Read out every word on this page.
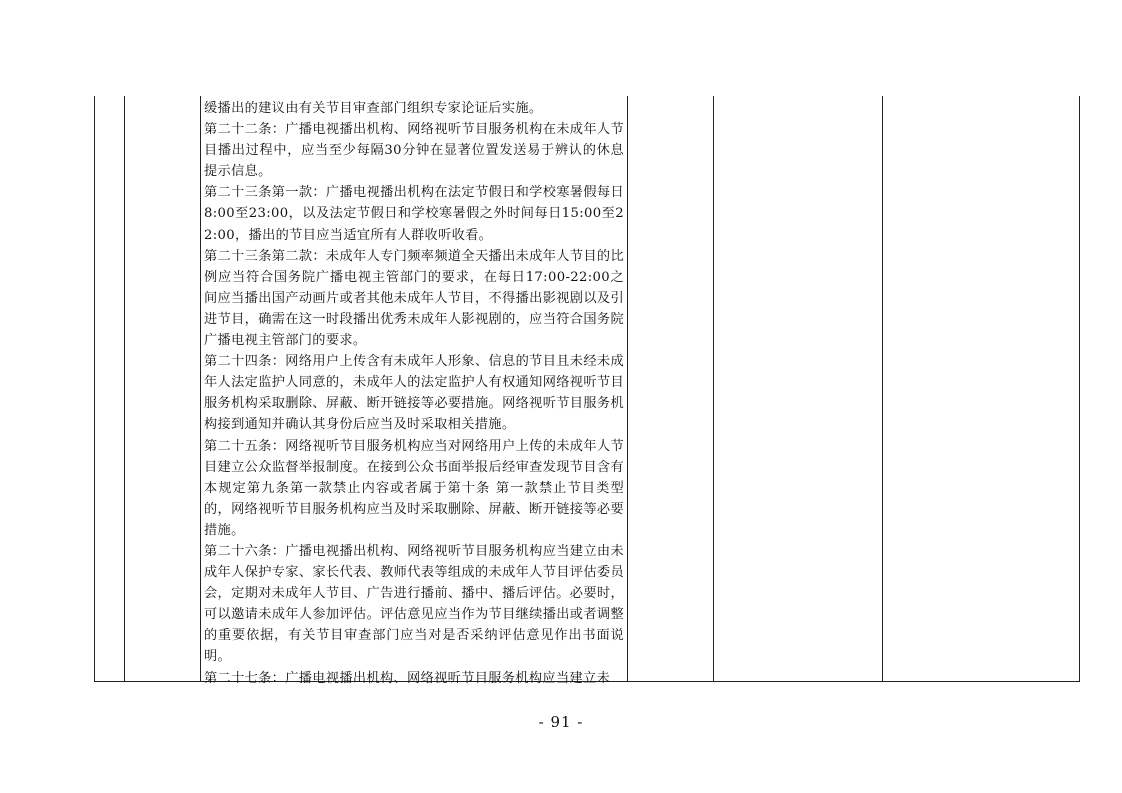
缓播出的建议由有关节目审查部门组织专家论证后实施。

第二十二条：广播电视播出机构、网络视听节目服务机构在未成年人节目播出过程中，应当至少每隔30分钟在显著位置发送易于辨认的休息提示信息。

第二十三条第一款：广播电视播出机构在法定节假日和学校寒暑假每日8:00至23:00，以及法定节假日和学校寒暑假之外时间每日15:00至22:00，播出的节目应当适宜所有人群收听收看。

第二十三条第二款：未成年人专门频率频道全天播出未成年人节目的比例应当符合国务院广播电视主管部门的要求，在每日17:00-22:00之间应当播出国产动画片或者其他未成年人节目，不得播出影视剧以及引进节目，确需在这一时段播出优秀未成年人影视剧的，应当符合国务院广播电视主管部门的要求。

第二十四条：网络用户上传含有未成年人形象、信息的节目且未经未成年人法定监护人同意的，未成年人的法定监护人有权通知网络视听节目服务机构采取删除、屏蔽、断开链接等必要措施。网络视听节目服务机构接到通知并确认其身份后应当及时采取相关措施。

第二十五条：网络视听节目服务机构应当对网络用户上传的未成年人节目建立公众监督举报制度。在接到公众书面举报后经审查发现节目含有本规定第九条第一款禁止内容或者属于第十条 第一款禁止节目类型的，网络视听节目服务机构应当及时采取删除、屏蔽、断开链接等必要措施。

第二十六条：广播电视播出机构、网络视听节目服务机构应当建立由未成年人保护专家、家长代表、教师代表等组成的未成年人节目评估委员会，定期对未成年人节目、广告进行播前、播中、播后评估。必要时，可以邀请未成年人参加评估。评估意见应当作为节目继续播出或者调整的重要依据，有关节目审查部门应当对是否采纳评估意见作出书面说明。

第二十七条：广播电视播出机构、网络视听节目服务机构应当建立未

- 91 -
